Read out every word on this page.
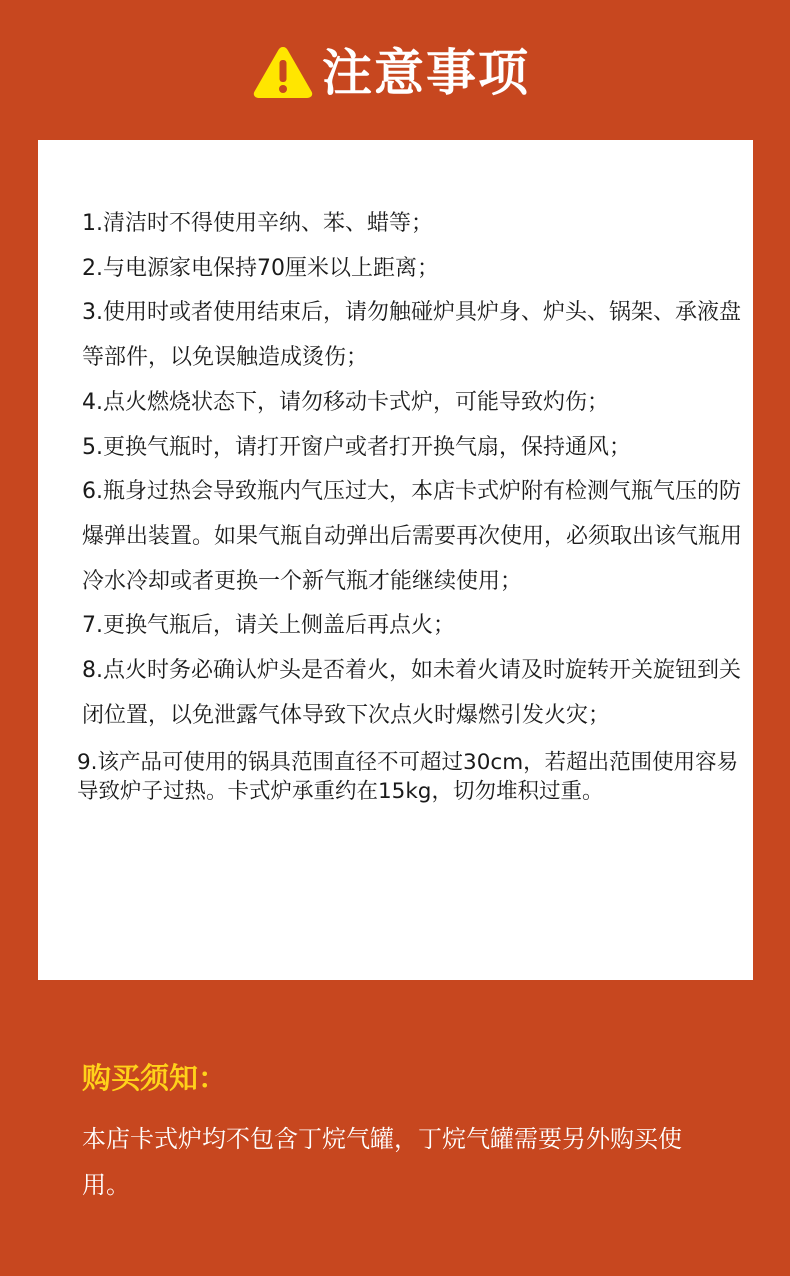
注意事项
1.清洁时不得使用辛纳、苯、蜡等；
2.与电源家电保持70厘米以上距离；
3.使用时或者使用结束后，请勿触碰炉具炉身、炉头、锅架、承液盘等部件，以免误触造成烫伤；
4.点火燃烧状态下，请勿移动卡式炉，可能导致灼伤；
5.更换气瓶时，请打开窗户或者打开换气扇，保持通风；
6.瓶身过热会导致瓶内气压过大，本店卡式炉附有检测气瓶气压的防爆弹出装置。如果气瓶自动弹出后需要再次使用，必须取出该气瓶用冷水冷却或者更换一个新气瓶才能继续使用；
7.更换气瓶后，请关上侧盖后再点火；
8.点火时务必确认炉头是否着火，如未着火请及时旋转开关旋钮到关闭位置，以免泄露气体导致下次点火时爆燃引发火灾；
9.该产品可使用的锅具范围直径不可超过30cm，若超出范围使用容易导致炉子过热。卡式炉承重约在15kg，切勿堆积过重。
购买须知：

本店卡式炉均不包含丁烷气罐，丁烷气罐需要另外购买使用。
